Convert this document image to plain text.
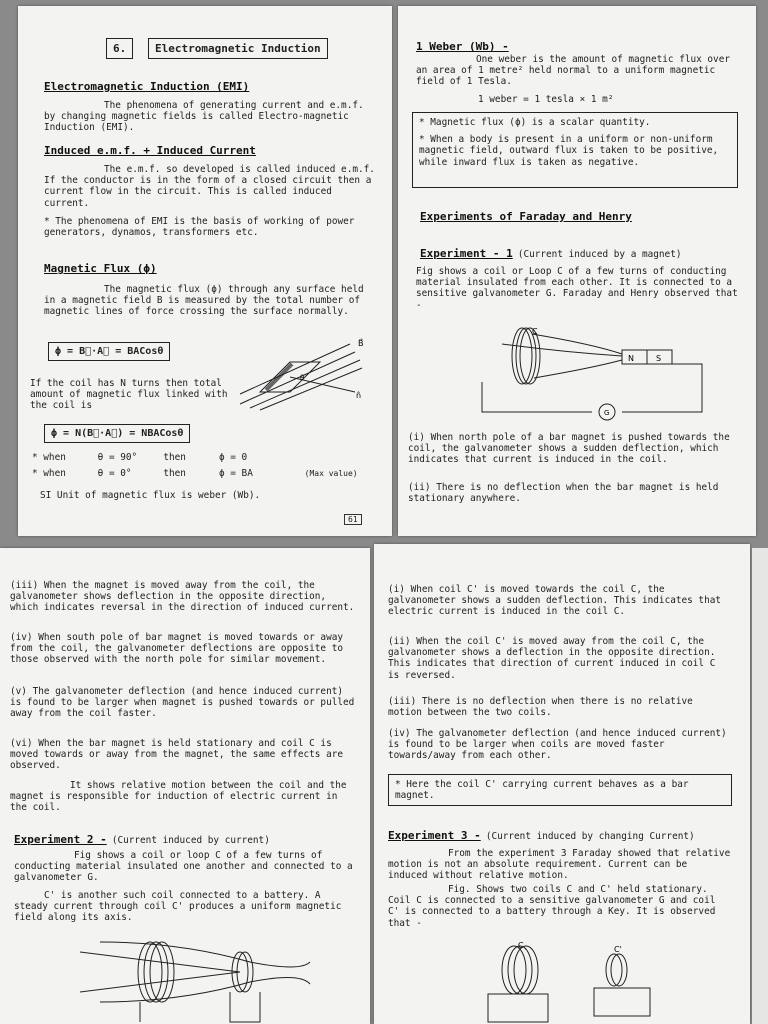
6.	Electromagnetic Induction
Electromagnetic Induction (EMI)

The phenomena of generating current and e.m.f. by changing magnetic fields is called Electro-magnetic Induction (EMI).

Induced e.m.f. + Induced Current

The e.m.f. so developed is called induced e.m.f. If the conductor is in the form of a closed circuit then a current flow in the circuit. This is called induced current.

* The phenomena of EMI is the basis of working of power generators, dynamos, transformers etc.
Magnetic Flux (ϕ)

The magnetic flux (ϕ) through any surface held in a magnetic field B is measured by the total number of magnetic lines of force crossing the surface normally.

ϕ = B⃗·A⃗ = BACosθ
B⃗
n̂
θ
If the coil has N turns then total amount of magnetic flux linked with the coil is
ϕ = N(B⃗·A⃗) = NBACosθ
* when	θ = 90°	then	ϕ = 0
* when	θ = 0°	then	ϕ = BA	(Max value)
SI Unit of magnetic flux is weber (Wb).
61
1 Weber (Wb) -

One weber is the amount of magnetic flux over an area of 1 metre² held normal to a uniform magnetic field of 1 Tesla.

1 weber = 1 tesla × 1 m²
* Magnetic flux (ϕ) is a scalar quantity.
* When a body is present in a uniform or non-uniform magnetic field, outward flux is taken to be positive, while inward flux is taken as negative.
Experiments of Faraday and Henry
Experiment - 1 (Current induced by a magnet)
Fig shows a coil or Loop C of a few turns of conducting material insulated from each other. It is connected to a sensitive galvanometer G. Faraday and Henry observed that -
C
N	S
G
(i) When north pole of a bar magnet is pushed towards the coil, the galvanometer shows a sudden deflection, which indicates that current is induced in the coil.
(ii) There is no deflection when the bar magnet is held stationary anywhere.
(iii) When the magnet is moved away from the coil, the galvanometer shows deflection in the opposite direction, which indicates reversal in the direction of induced current.
(iv) When south pole of bar magnet is moved towards or away from the coil, the galvanometer deflections are opposite to those observed with the north pole for similar movement.
(v) The galvanometer deflection (and hence induced current) is found to be larger when magnet is pushed towards or pulled away from the coil faster.
(vi) When the bar magnet is held stationary and coil C is moved towards or away from the magnet, the same effects are observed.

It shows relative motion between the coil and the magnet is responsible for induction of electric current in the coil.

Experiment 2 - (Current induced by current)

Fig shows a coil or loop C of a few turns of conducting material insulated one another and connected to a galvanometer G.

C' is another such coil connected to a battery. A steady current through coil C' produces a uniform magnetic field along its axis.

(i) When coil C' is moved towards the coil C, the galvanometer shows a sudden deflection. This indicates that electric current is induced in the coil C.
(ii) When the coil C' is moved away from the coil C, the galvanometer shows a deflection in the opposite direction. This indicates that direction of current induced in coil C is reversed.
(iii) There is no deflection when there is no relative motion between the two coils.
(iv) The galvanometer deflection (and hence induced current) is found to be larger when coils are moved faster towards/away from each other.
* Here the coil C' carrying current behaves as a bar magnet.
Experiment 3 - (Current induced by changing Current)

From the experiment 3 Faraday showed that relative motion is not an absolute requirement. Current can be induced without relative motion.

Fig. Shows two coils C and C' held stationary. Coil C is connected to a sensitive galvanometer G and coil C' is connected to a battery through a Key. It is observed that -

C	C'
